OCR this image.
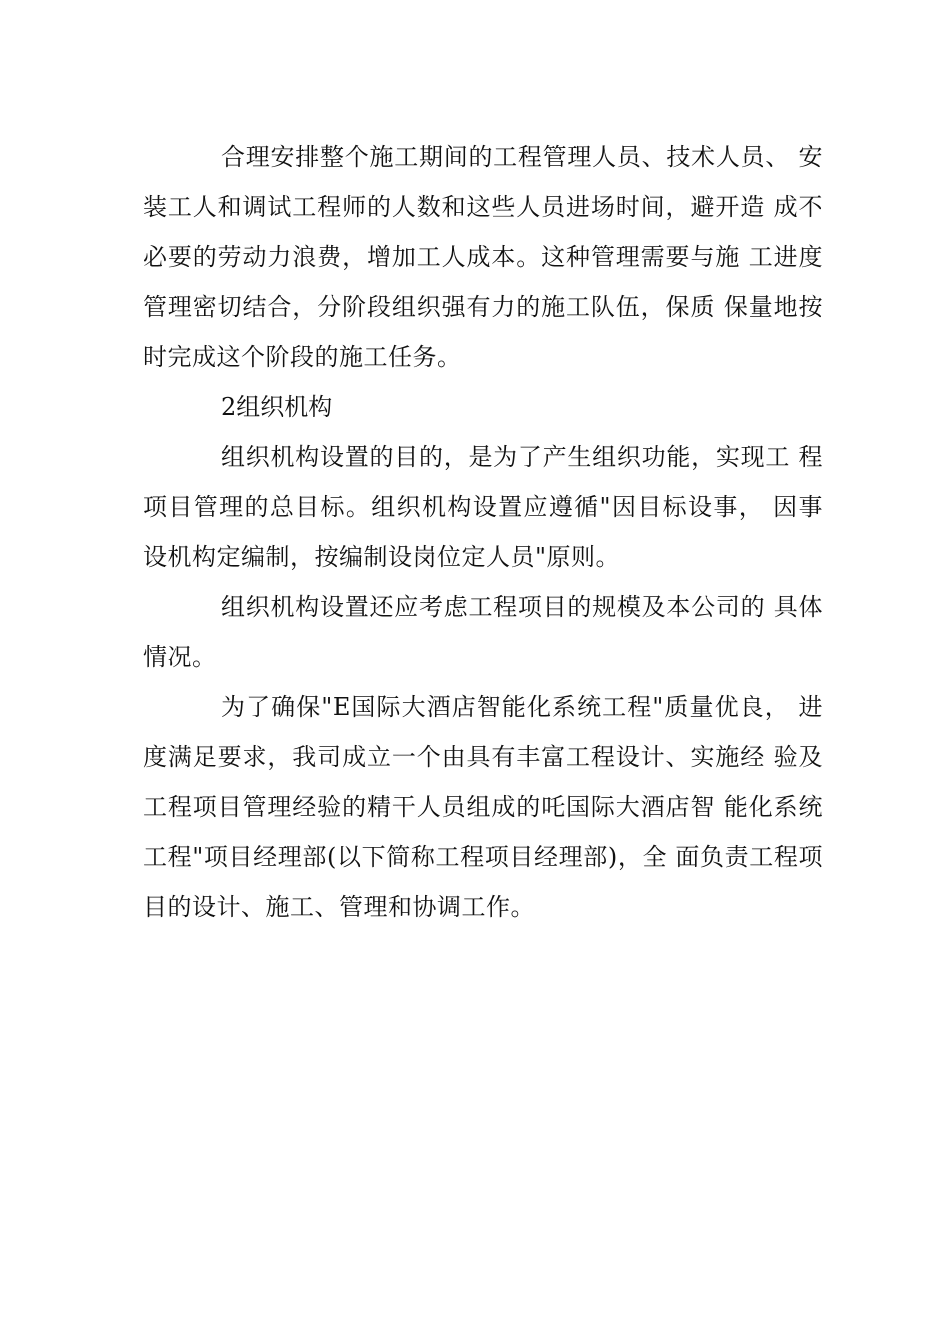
合理安排整个施工期间的工程管理人员、技术人员、 安装工人和调试工程师的人数和这些人员进场时间，避开造 成不必要的劳动力浪费，增加工人成本。这种管理需要与施 工进度管理密切结合，分阶段组织强有力的施工队伍，保质 保量地按时完成这个阶段的施工任务。

2组织机构

组织机构设置的目的，是为了产生组织功能，实现工 程项目管理的总目标。组织机构设置应遵循"因目标设事， 因事设机构定编制，按编制设岗位定人员"原则。

组织机构设置还应考虑工程项目的规模及本公司的 具体情况。

为了确保"E国际大酒店智能化系统工程"质量优良， 进度满足要求，我司成立一个由具有丰富工程设计、实施经 验及工程项目管理经验的精干人员组成的吒国际大酒店智 能化系统工程"项目经理部(以下简称工程项目经理部)，全 面负责工程项目的设计、施工、管理和协调工作。
